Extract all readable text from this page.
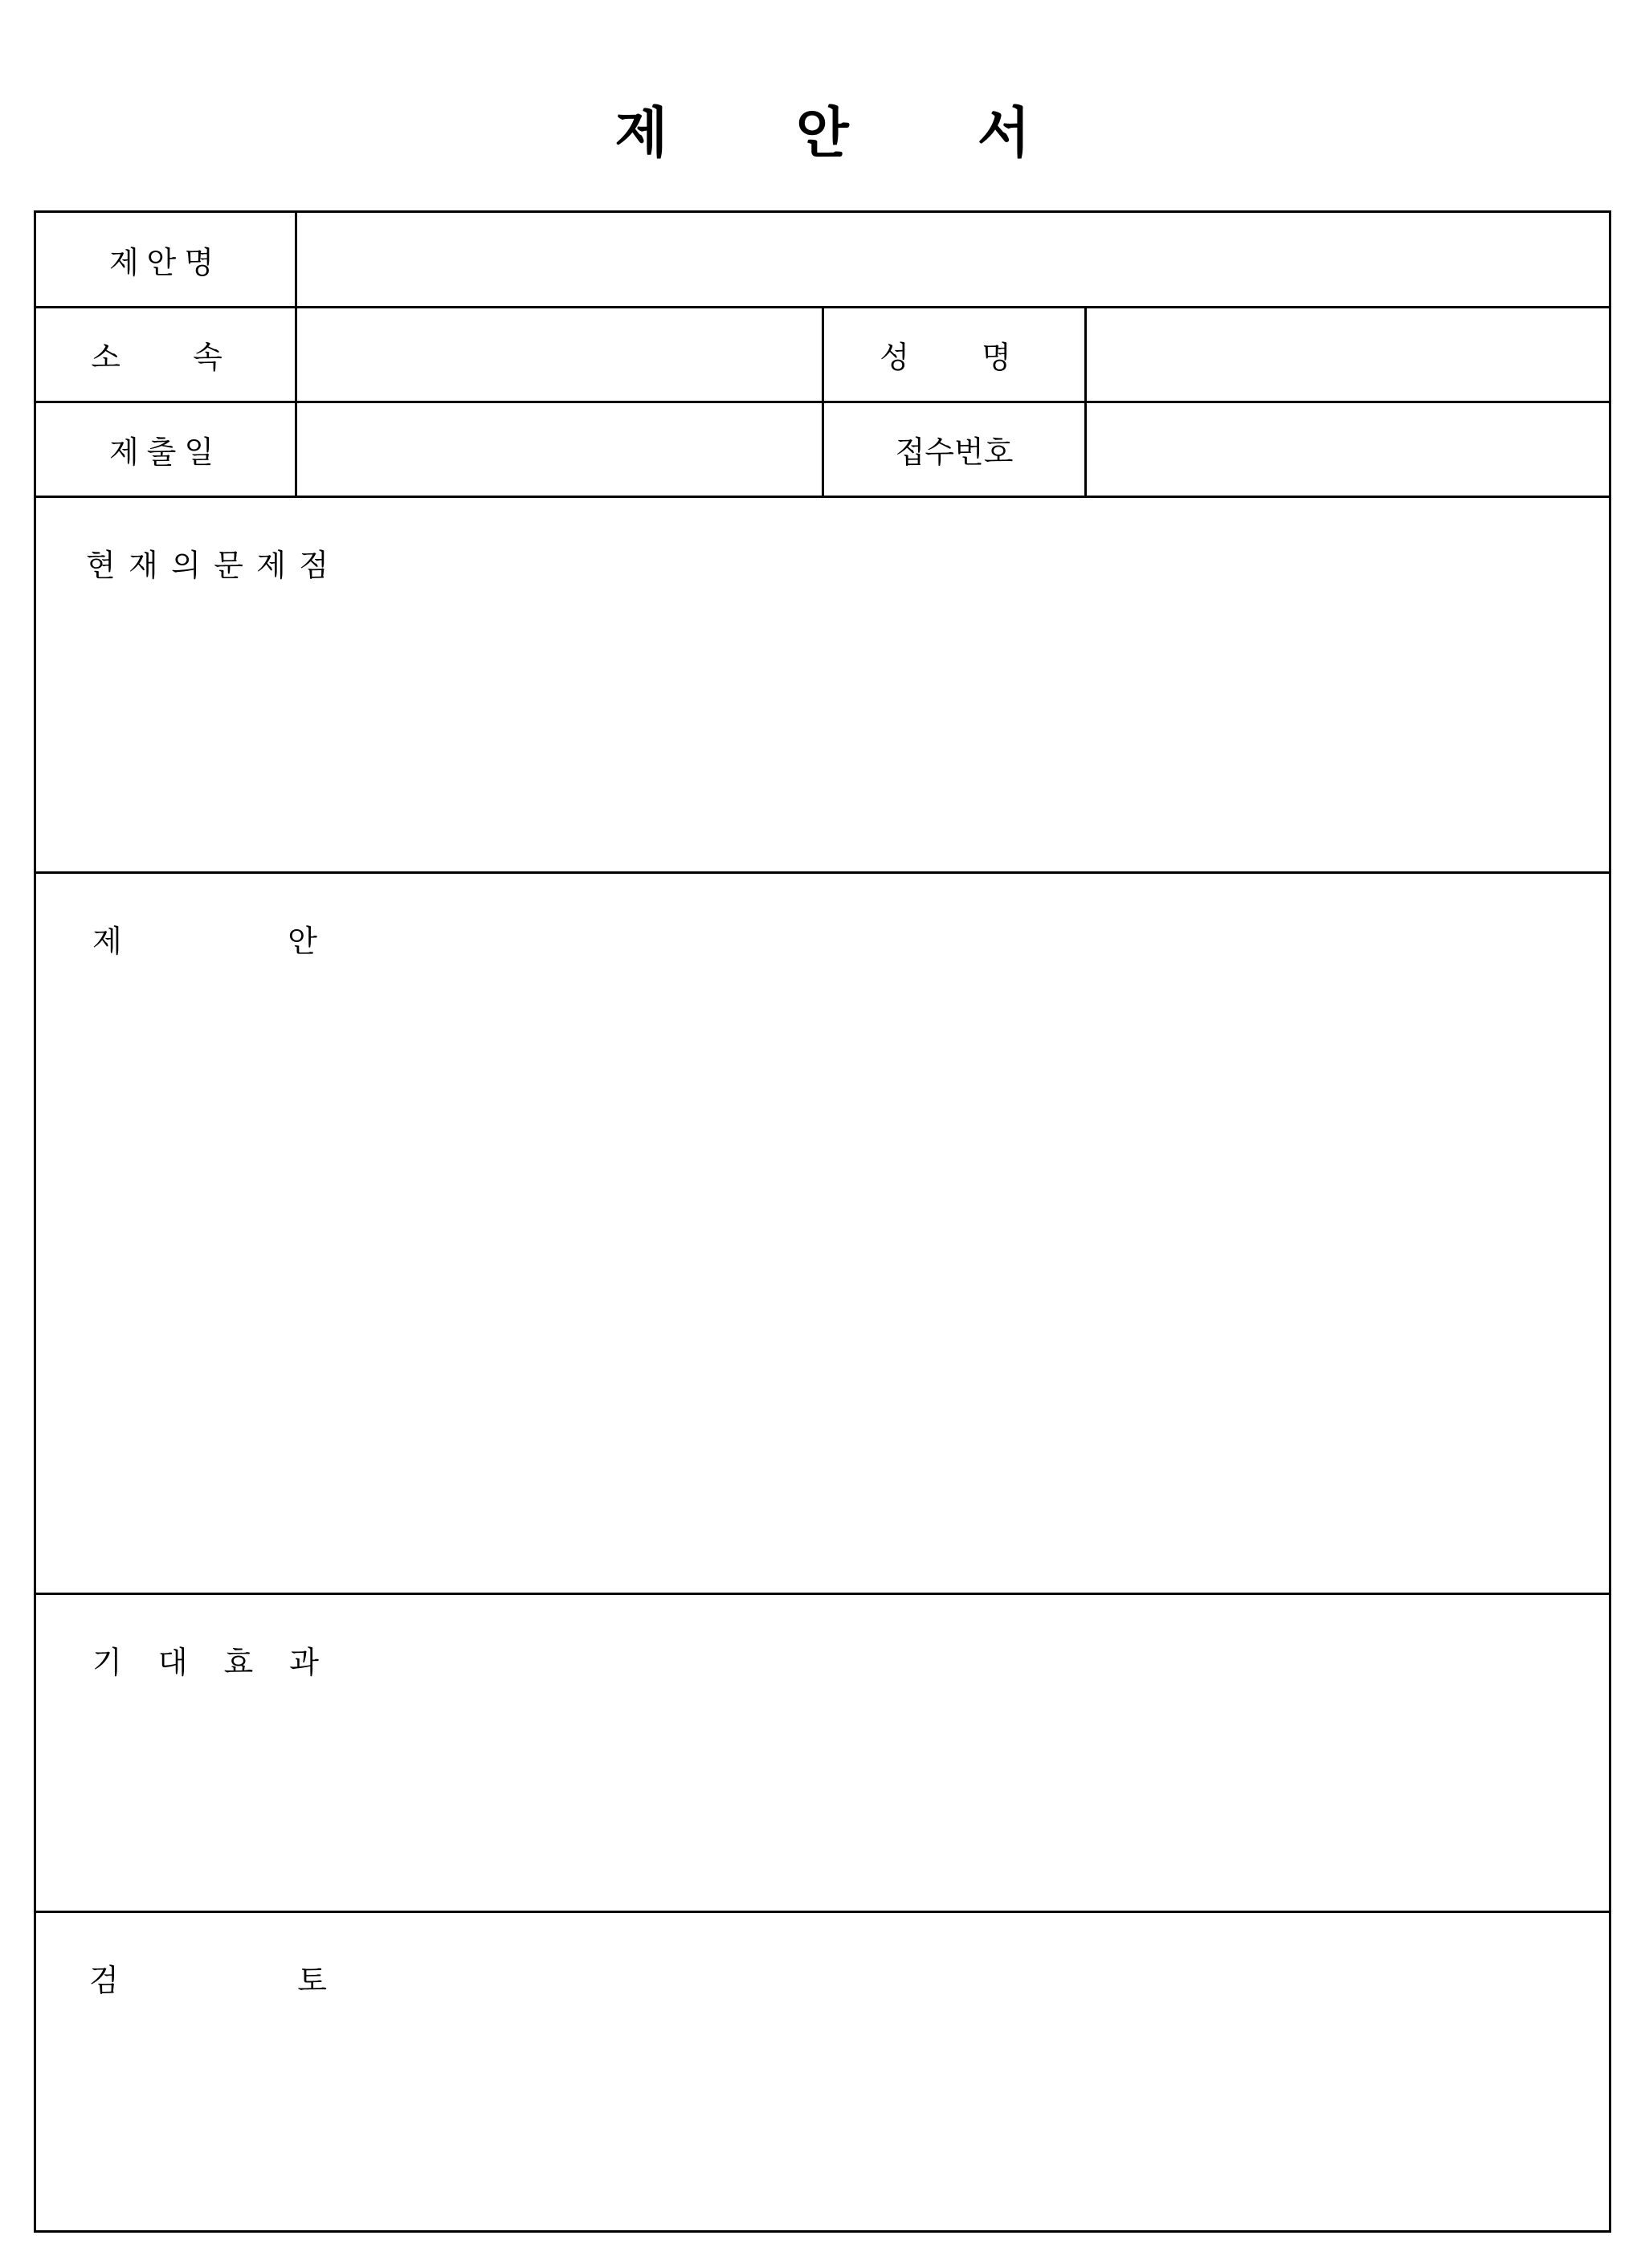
제 안 서
제안명
소  속	성  명
제출일	접수번호
현 재 의 문 제 점
제	안
기 대 효 과
검	토
